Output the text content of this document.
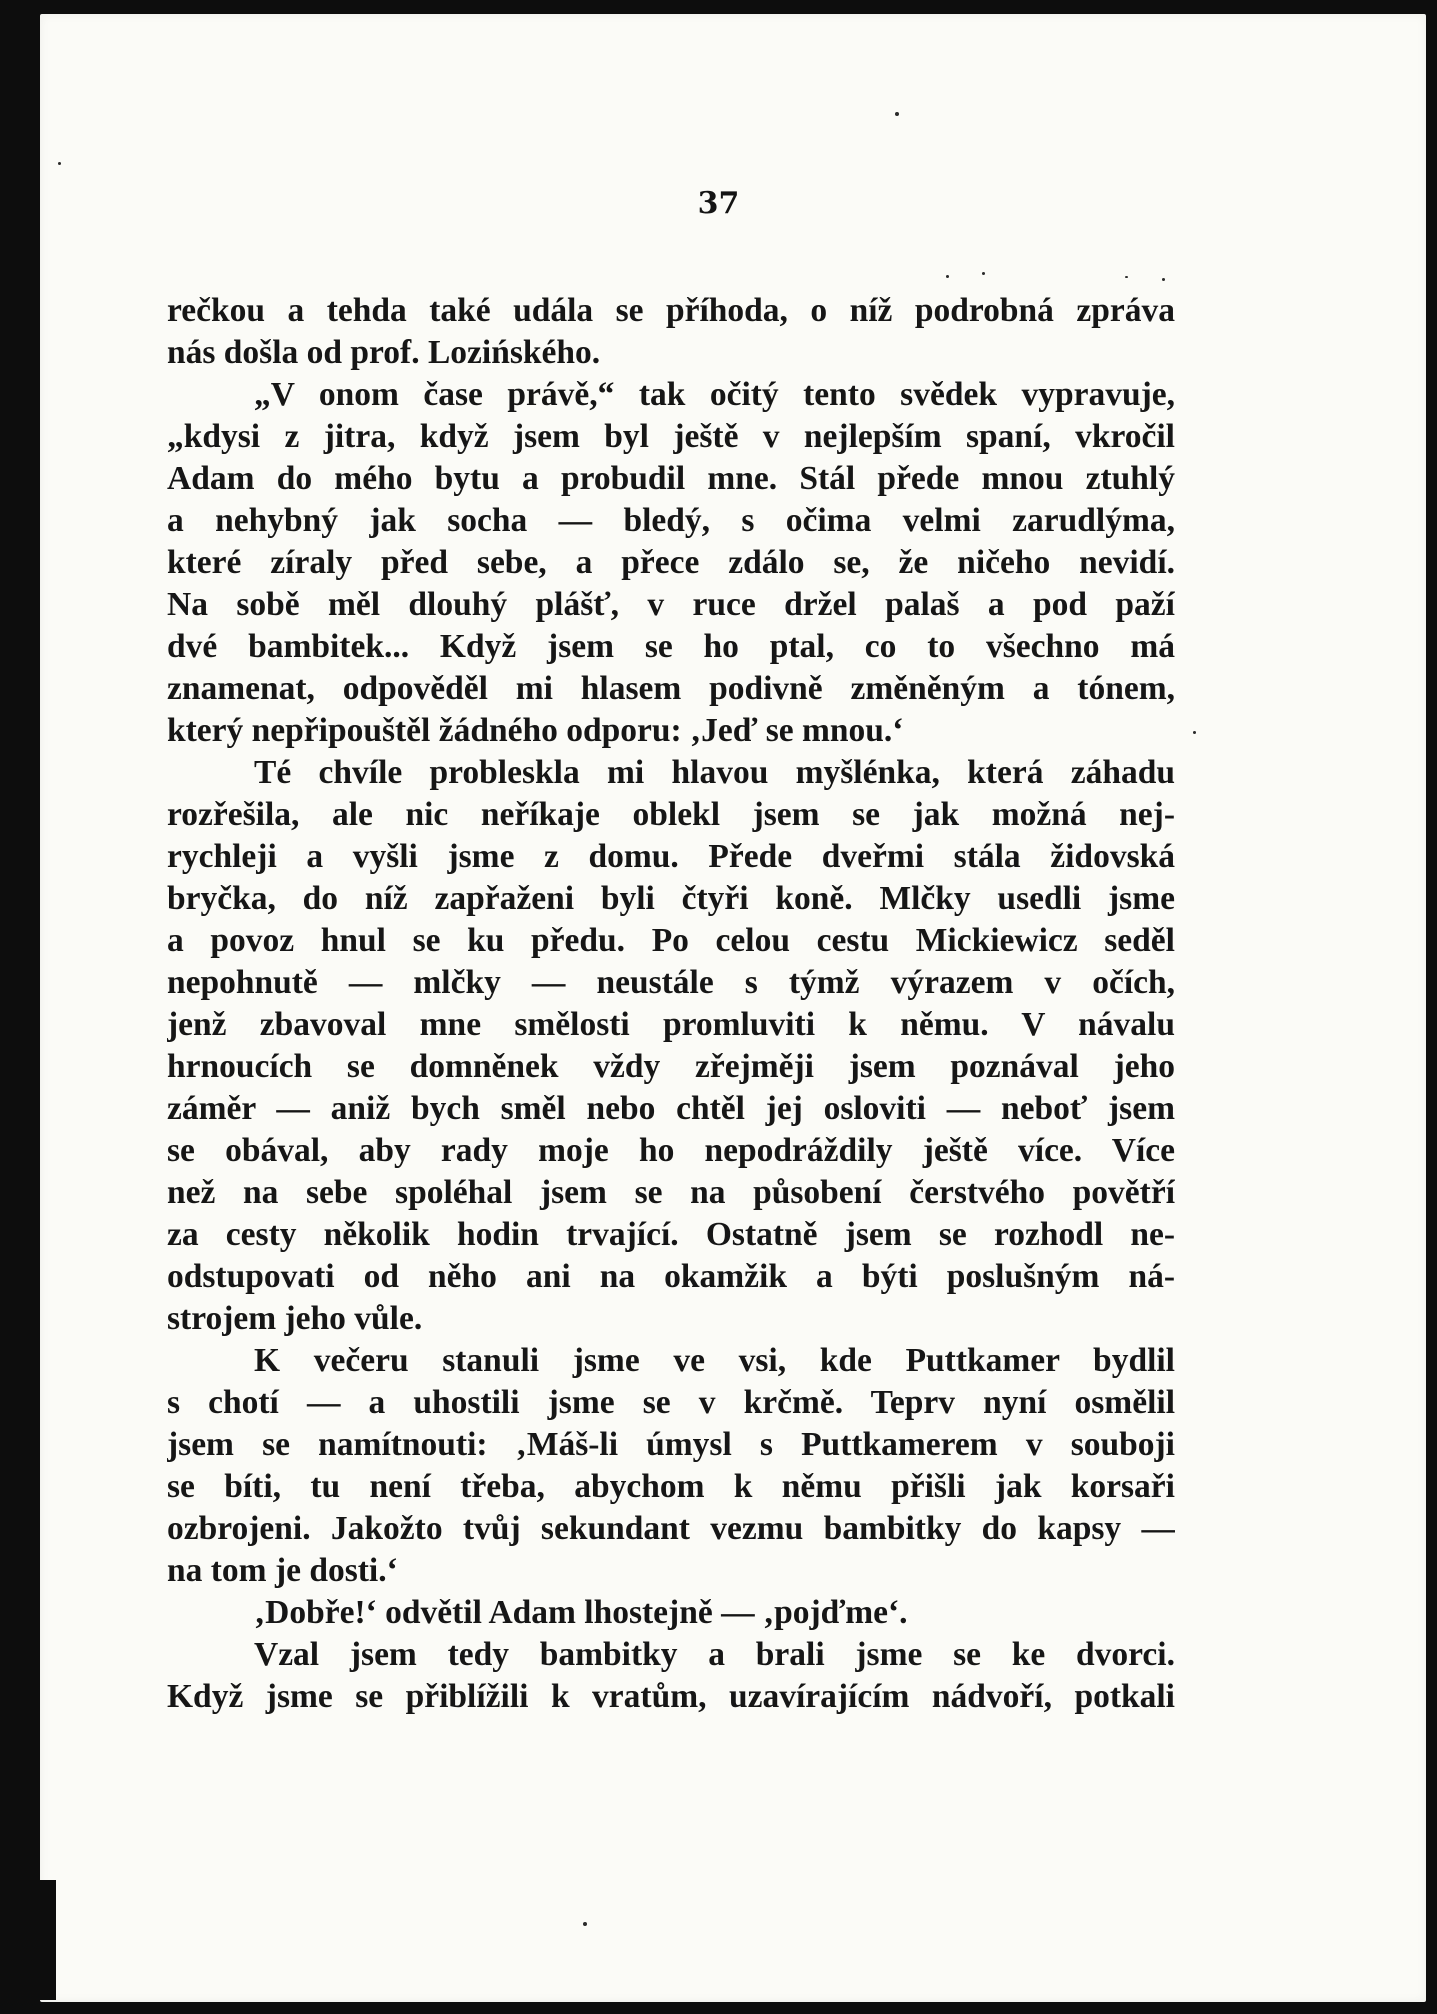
37
rečkou a tehda také udála se příhoda, o níž podrobná zpráva
nás došla od prof. Lozińského.
„V onom čase právě,“ tak očitý tento svědek vypravuje,
„kdysi z jitra, když jsem byl ještě v nejlepším spaní, vkročil
Adam do mého bytu a probudil mne. Stál přede mnou ztuhlý
a nehybný jak socha — bledý, s očima velmi zarudlýma,
které zíraly před sebe, a přece zdálo se, že ničeho nevidí.
Na sobě měl dlouhý plášť, v ruce držel palaš a pod paží
dvé bambitek... Když jsem se ho ptal, co to všechno má
znamenat, odpověděl mi hlasem podivně změněným a tónem,
který nepřipouštěl žádného odporu: ‚Jeď se mnou.‘
Té chvíle probleskla mi hlavou myšlénka, která záhadu
rozřešila, ale nic neříkaje oblekl jsem se jak možná nej-
rychleji a vyšli jsme z domu. Přede dveřmi stála židovská
bryčka, do níž zapřaženi byli čtyři koně. Mlčky usedli jsme
a povoz hnul se ku předu. Po celou cestu Mickiewicz seděl
nepohnutě — mlčky — neustále s týmž výrazem v očích,
jenž zbavoval mne smělosti promluviti k němu. V návalu
hrnoucích se domněnek vždy zřejměji jsem poznával jeho
záměr — aniž bych směl nebo chtěl jej osloviti — neboť jsem
se obával, aby rady moje ho nepodráždily ještě více. Více
než na sebe spoléhal jsem se na působení čerstvého povětří
za cesty několik hodin trvající. Ostatně jsem se rozhodl ne-
odstupovati od něho ani na okamžik a býti poslušným ná-
strojem jeho vůle.
K večeru stanuli jsme ve vsi, kde Puttkamer bydlil
s chotí — a uhostili jsme se v krčmě. Teprv nyní osmělil
jsem se namítnouti: ‚Máš-li úmysl s Puttkamerem v souboji
se bíti, tu není třeba, abychom k němu přišli jak korsaři
ozbrojeni. Jakožto tvůj sekundant vezmu bambitky do kapsy —
na tom je dosti.‘
‚Dobře!‘ odvětil Adam lhostejně — ‚pojďme‘.
Vzal jsem tedy bambitky a brali jsme se ke dvorci.
Když jsme se přiblížili k vratům, uzavírajícím nádvoří, potkali
